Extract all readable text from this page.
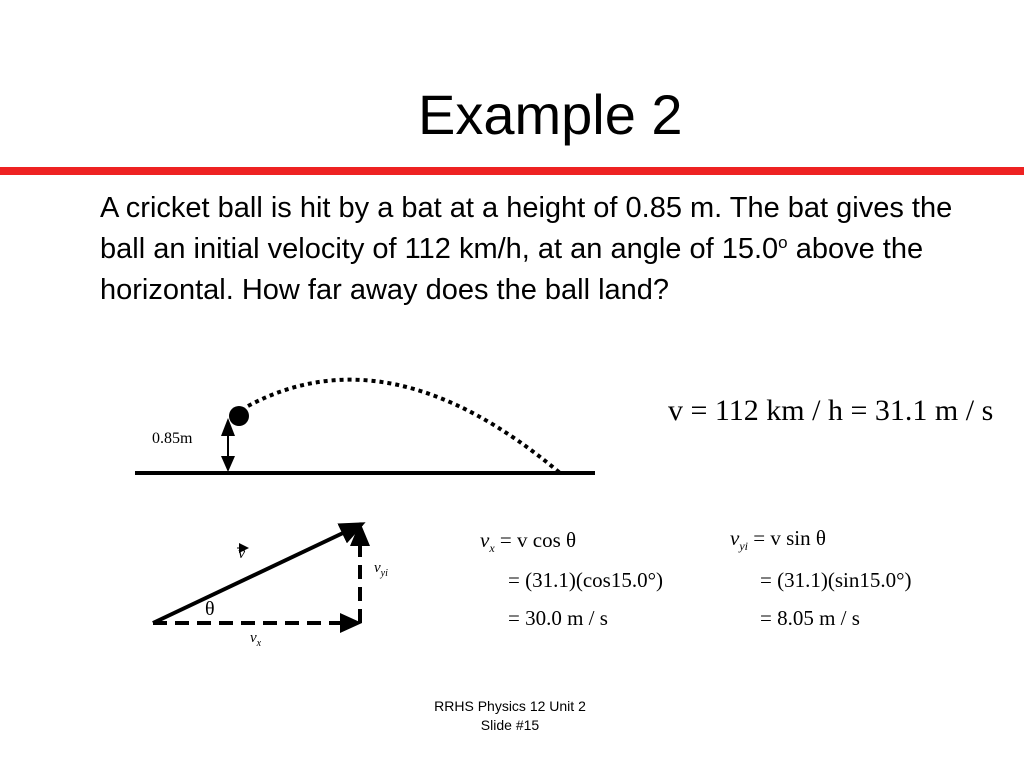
Example 2
A cricket ball is hit by a bat at a height of 0.85 m. The bat gives the ball an initial velocity of 112 km/h, at an angle of 15.0$^o$ above the horizontal. How far away does the ball land?
0.85m
v
$v_{yi}$
θ
$v_x$
v = 112 km / h = 31.1 m / s
$v_x = v$ cos θ
= (31.1)(cos15.0°)
= 30.0 m / s
$v_{yi} = v$ sin θ
= (31.1)(sin15.0°)
= 8.05 m / s
RRHS Physics 12 Unit 2
Slide #15
